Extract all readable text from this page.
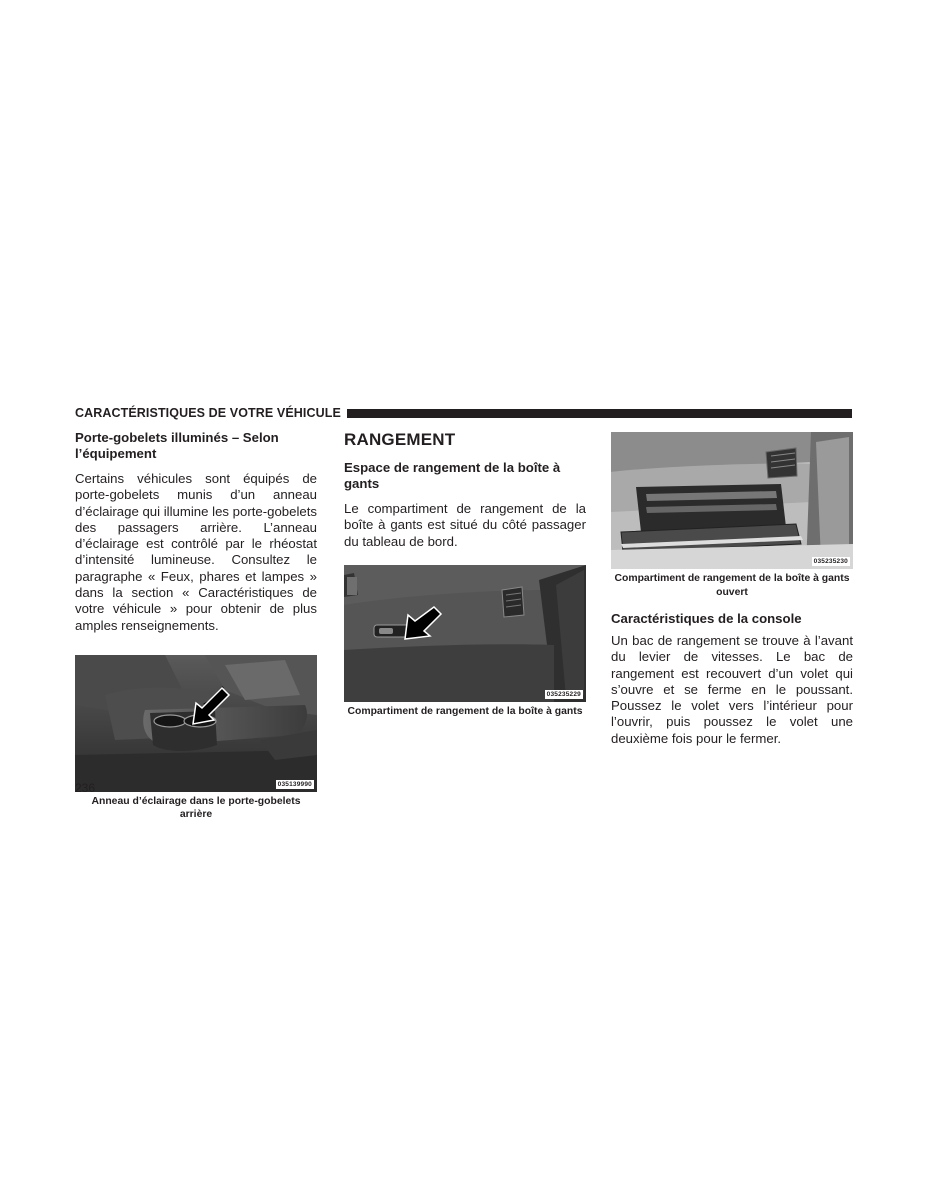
CARACTÉRISTIQUES DE VOTRE VÉHICULE
Porte-gobelets illuminés – Selon l’équipement

Certains véhicules sont équipés de porte-gobelets munis d’un anneau d’éclairage qui illumine les porte-gobelets des passagers arrière. L’anneau d’éclairage est contrôlé par le rhéostat d’intensité lumineuse. Consultez le paragraphe « Feux, phares et lampes » dans la section « Caractéristiques de votre véhicule » pour obtenir de plus amples renseignements.

035139990
Anneau d’éclairage dans le porte-gobelets arrière
RANGEMENT
Espace de rangement de la boîte à gants

Le compartiment de rangement de la boîte à gants est situé du côté passager du tableau de bord.

035235229
Compartiment de rangement de la boîte à gants
035235230
Compartiment de rangement de la boîte à gants ouvert
Caractéristiques de la console

Un bac de rangement se trouve à l’avant du levier de vitesses. Le bac de rangement est recouvert d’un volet qui s’ouvre et se ferme en le poussant. Poussez le volet vers l’intérieur pour l’ouvrir, puis poussez le volet une deuxième fois pour le fermer.

236
